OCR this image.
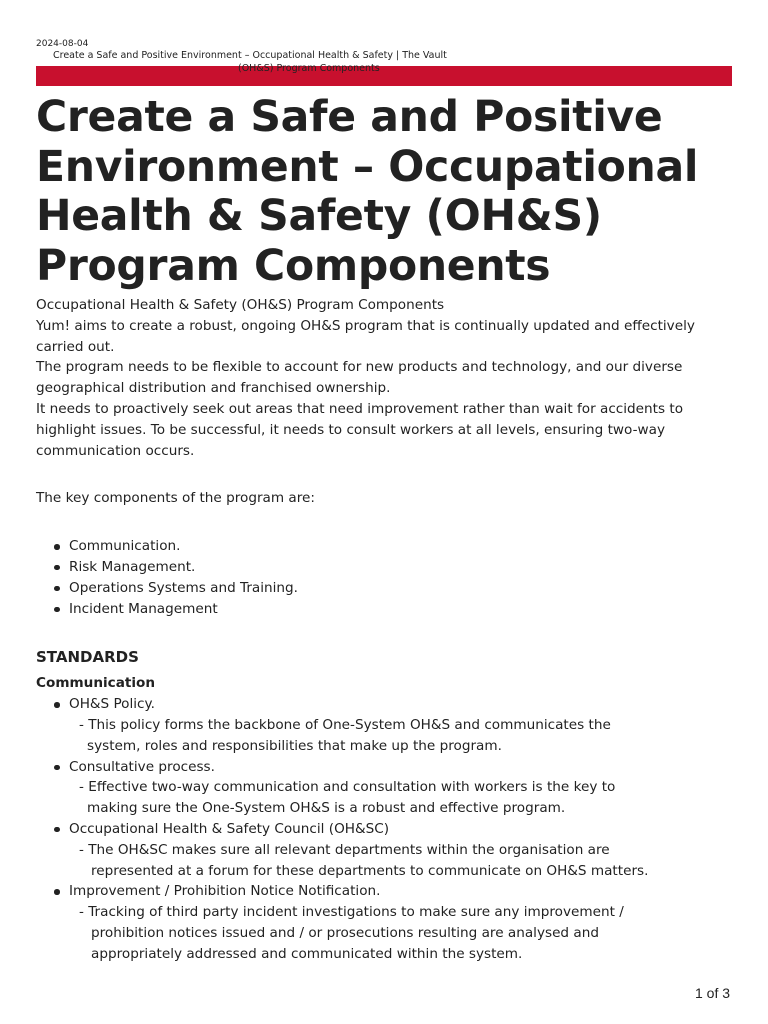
2024-08-04
Create a Safe and Positive Environment – Occupational Health & Safety | The Vault
(OH&S) Program Components
Create a Safe and Positive Environment – Occupational Health & Safety (OH&S) Program Components

Occupational Health & Safety (OH&S) Program Components

Yum! aims to create a robust, ongoing OH&S program that is continually updated and effectively carried out.

The program needs to be flexible to account for new products and technology, and our diverse geographical distribution and franchised ownership.

It needs to proactively seek out areas that need improvement rather than wait for accidents to highlight issues. To be successful, it needs to consult workers at all levels, ensuring two-way communication occurs.

The key components of the program are:

Communication.
Risk Management.
Operations Systems and Training.
Incident Management

STANDARDS

Communication

OH&S Policy.
- This policy forms the backbone of One-System OH&S and communicates the
system, roles and responsibilities that make up the program.
Consultative process.
- Effective two-way communication and consultation with workers is the key to
making sure the One-System OH&S is a robust and effective program.
Occupational Health & Safety Council (OH&SC)
- The OH&SC makes sure all relevant departments within the organisation are
represented at a forum for these departments to communicate on OH&S matters.
Improvement / Prohibition Notice Notification.
- Tracking of third party incident investigations to make sure any improvement /
prohibition notices issued and / or prosecutions resulting are analysed and
appropriately addressed and communicated within the system.
1 of 3
